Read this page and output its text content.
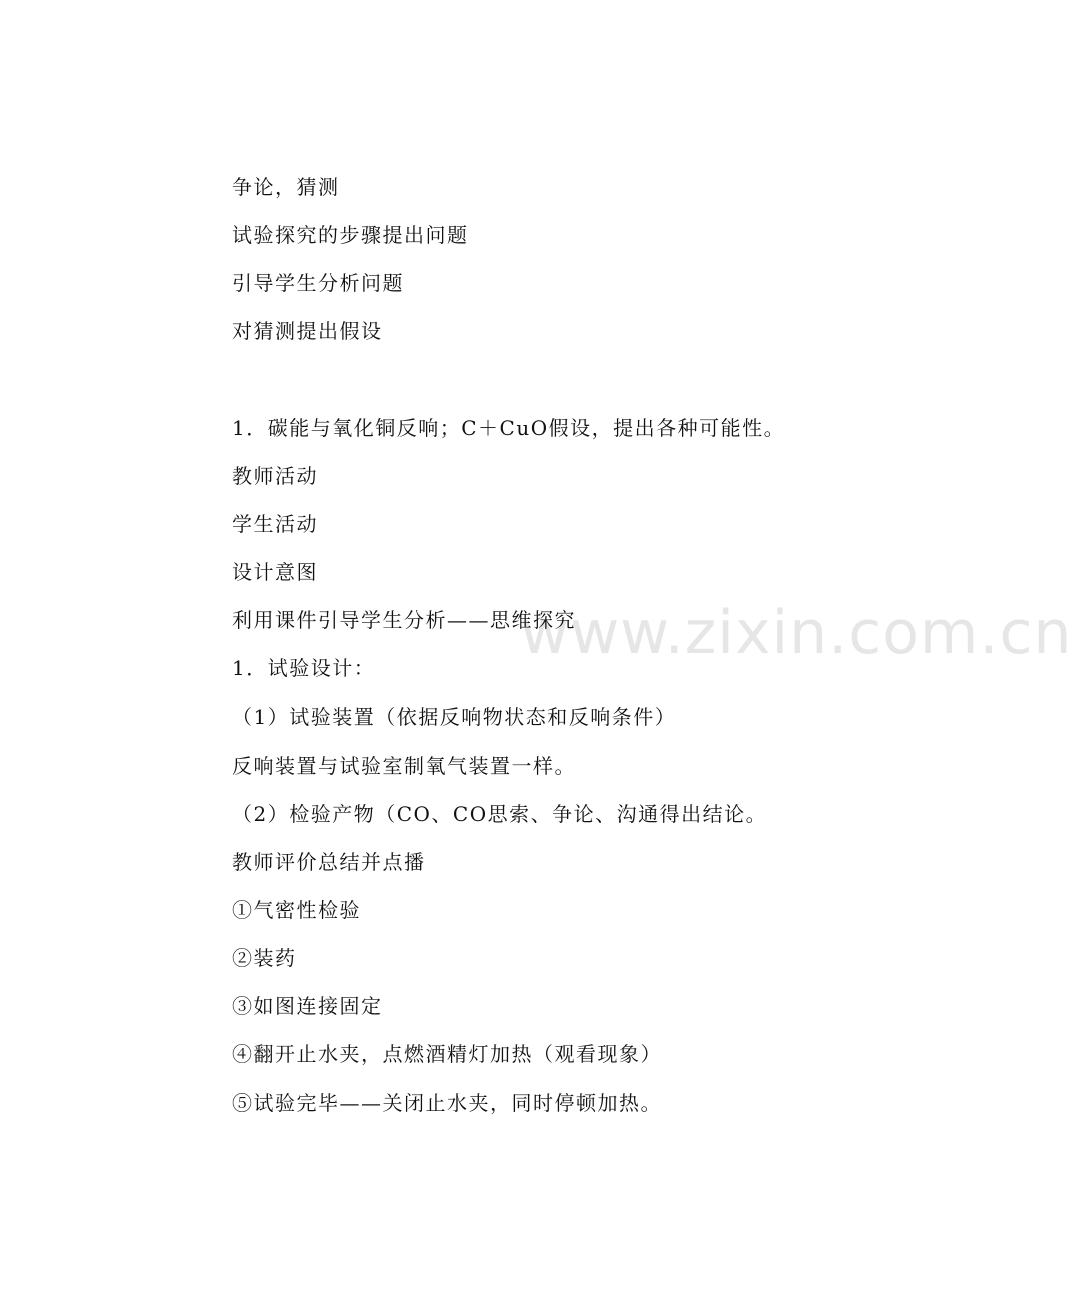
www.zixin.com.cn
争论，猜测
试验探究的步骤提出问题
引导学生分析问题
对猜测提出假设
1．碳能与氧化铜反响；C＋CuO假设，提出各种可能性。
教师活动
学生活动
设计意图
利用课件引导学生分析——思维探究
1．试验设计：
（1）试验装置（依据反响物状态和反响条件）
反响装置与试验室制氧气装置一样。
（2）检验产物（CO、CO思索、争论、沟通得出结论。
教师评价总结并点播
①气密性检验
②装药
③如图连接固定
④翻开止水夹，点燃酒精灯加热（观看现象）
⑤试验完毕——关闭止水夹，同时停顿加热。
